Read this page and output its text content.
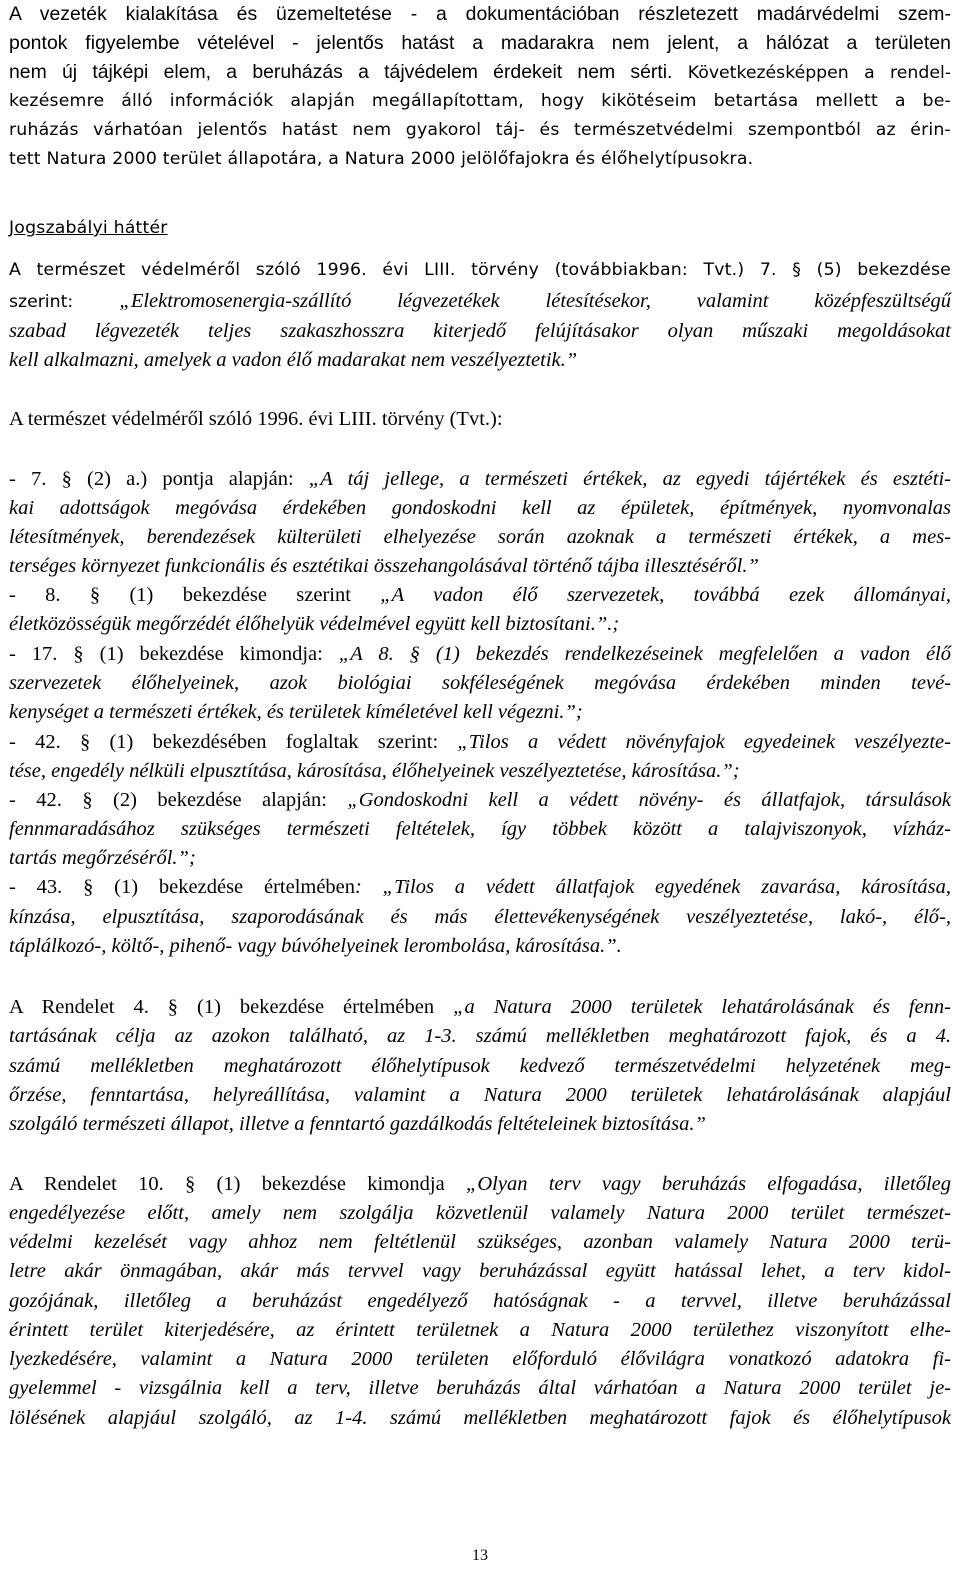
A vezeték kialakítása és üzemeltetése - a dokumentációban részletezett madárvédelmi szem-
pontok figyelembe vételével - jelentős hatást a madarakra nem jelent, a hálózat a területen
nem új tájképi elem, a beruházás a tájvédelem érdekeit nem sérti. Következésképpen a rendel-
kezésemre álló információk alapján megállapítottam, hogy kikötéseim betartása mellett a be-
ruházás várhatóan jelentős hatást nem gyakorol táj- és természetvédelmi szempontból az érin-
tett Natura 2000 terület állapotára, a Natura 2000 jelölőfajokra és élőhelytípusokra.
Jogszabályi háttér
A természet védelméről szóló 1996. évi LIII. törvény (továbbiakban: Tvt.) 7. § (5) bekezdése
szerint: „Elektromosenergia-szállító légvezetékek létesítésekor, valamint középfeszültségű
szabad légvezeték teljes szakaszhosszra kiterjedő felújításakor olyan műszaki megoldásokat
kell alkalmazni, amelyek a vadon élő madarakat nem veszélyeztetik.”
A természet védelméről szóló 1996. évi LIII. törvény (Tvt.):
- 7. § (2) a.) pontja alapján: „A táj jellege, a természeti értékek, az egyedi tájértékek és esztéti-
kai adottságok megóvása érdekében gondoskodni kell az épületek, építmények, nyomvonalas
létesítmények, berendezések külterületi elhelyezése során azoknak a természeti értékek, a mes-
terséges környezet funkcionális és esztétikai összehangolásával történő tájba illesztéséről.”
- 8. § (1) bekezdése szerint „A vadon élő szervezetek, továbbá ezek állományai,
életközösségük megőrzédét élőhelyük védelmével együtt kell biztosítani.”.;
- 17. § (1) bekezdése kimondja: „A 8. § (1) bekezdés rendelkezéseinek megfelelően a vadon élő
szervezetek élőhelyeinek, azok biológiai sokféleségének megóvása érdekében minden tevé-
kenységet a természeti értékek, és területek kíméletével kell végezni.”;
- 42. § (1) bekezdésében foglaltak szerint: „Tilos a védett növényfajok egyedeinek veszélyezte-
tése, engedély nélküli elpusztítása, károsítása, élőhelyeinek veszélyeztetése, károsítása.”;
- 42. § (2) bekezdése alapján: „Gondoskodni kell a védett növény- és állatfajok, társulások
fennmaradásához szükséges természeti feltételek, így többek között a talajviszonyok, vízház-
tartás megőrzéséről.”;
- 43. § (1) bekezdése értelmében: „Tilos a védett állatfajok egyedének zavarása, károsítása,
kínzása, elpusztítása, szaporodásának és más élettevékenységének veszélyeztetése, lakó-, élő-,
táplálkozó-, költő-, pihenő- vagy búvóhelyeinek lerombolása, károsítása.”.
A Rendelet 4. § (1) bekezdése értelmében „a Natura 2000 területek lehatárolásának és fenn-
tartásának célja az azokon található, az 1-3. számú mellékletben meghatározott fajok, és a 4.
számú mellékletben meghatározott élőhelytípusok kedvező természetvédelmi helyzetének meg-
őrzése, fenntartása, helyreállítása, valamint a Natura 2000 területek lehatárolásának alapjául
szolgáló természeti állapot, illetve a fenntartó gazdálkodás feltételeinek biztosítása.”
A Rendelet 10. § (1) bekezdése kimondja „Olyan terv vagy beruházás elfogadása, illetőleg
engedélyezése előtt, amely nem szolgálja közvetlenül valamely Natura 2000 terület természet-
védelmi kezelését vagy ahhoz nem feltétlenül szükséges, azonban valamely Natura 2000 terü-
letre akár önmagában, akár más tervvel vagy beruházással együtt hatással lehet, a terv kidol-
gozójának, illetőleg a beruházást engedélyező hatóságnak - a tervvel, illetve beruházással
érintett terület kiterjedésére, az érintett területnek a Natura 2000 területhez viszonyított elhe-
lyezkedésére, valamint a Natura 2000 területen előforduló élővilágra vonatkozó adatokra fi-
gyelemmel - vizsgálnia kell a terv, illetve beruházás által várhatóan a Natura 2000 terület je-
lölésének alapjául szolgáló, az 1-4. számú mellékletben meghatározott fajok és élőhelytípusok
13
